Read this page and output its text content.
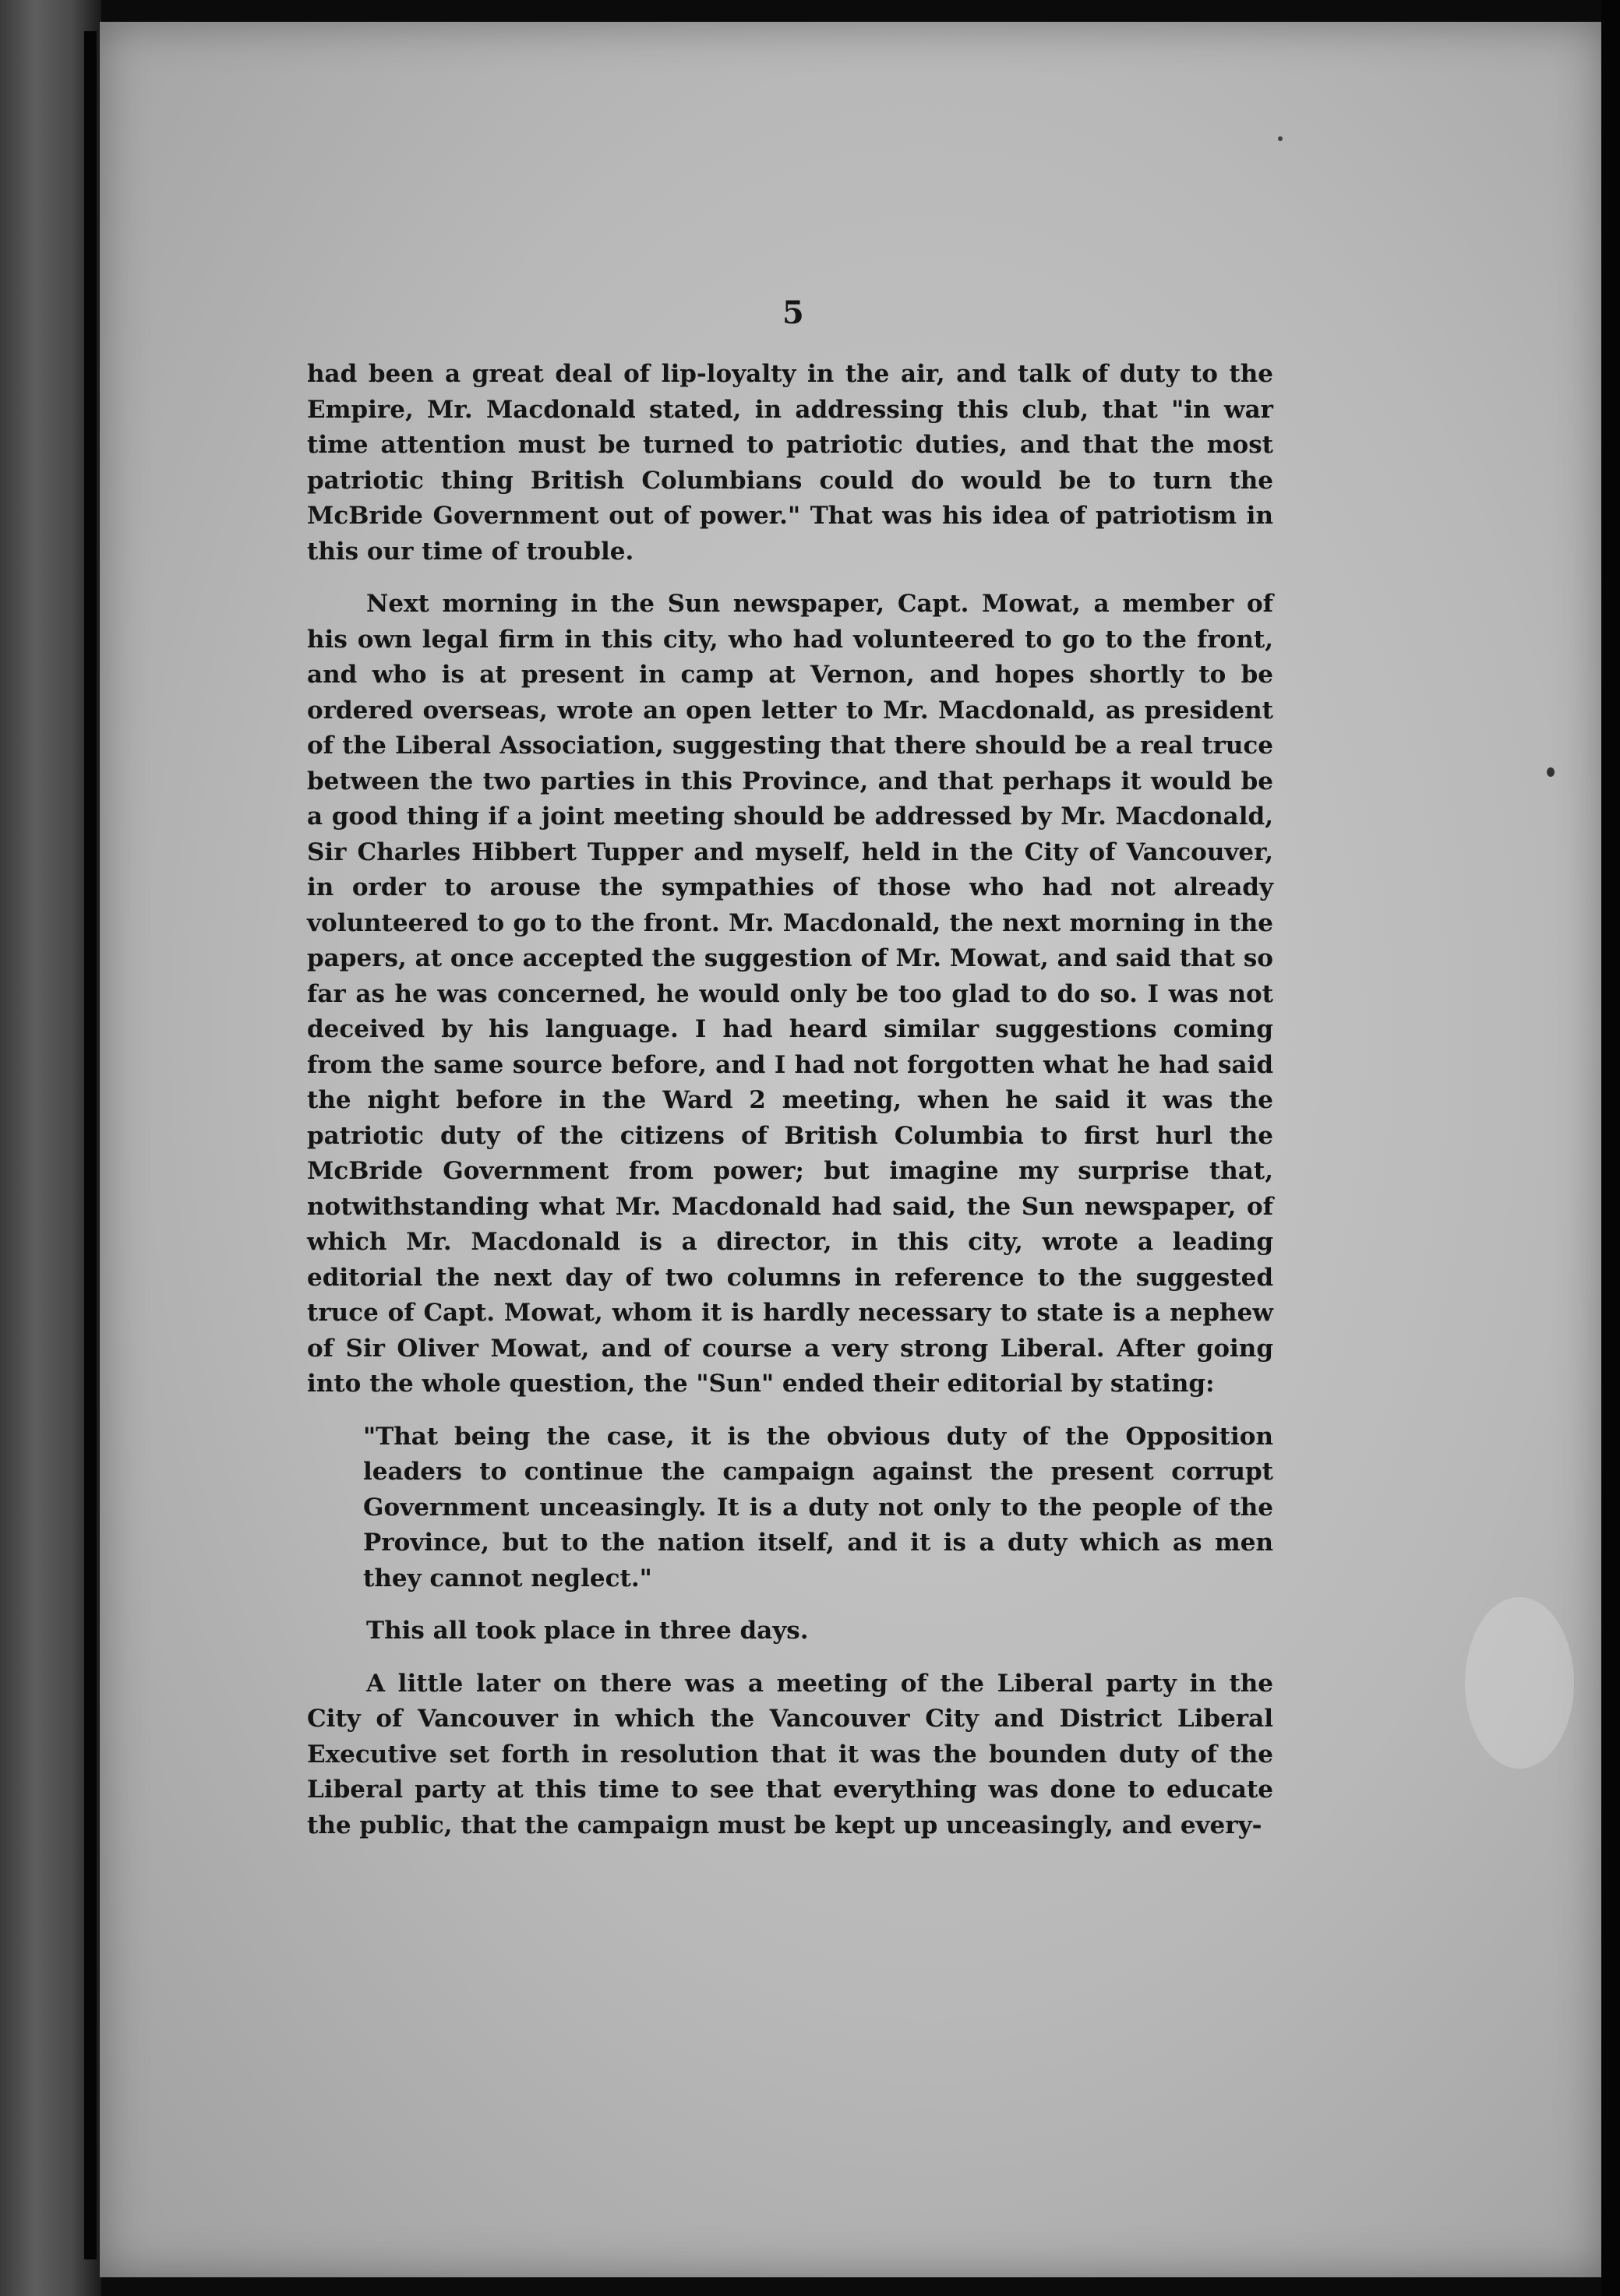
5

had been a great deal of lip-loyalty in the air, and talk of duty to the Empire, Mr. Macdonald stated, in addressing this club, that "in war time attention must be turned to patriotic duties, and that the most patriotic thing British Columbians could do would be to turn the McBride Government out of power." That was his idea of patriotism in this our time of trouble.

Next morning in the Sun newspaper, Capt. Mowat, a member of his own legal firm in this city, who had volunteered to go to the front, and who is at present in camp at Vernon, and hopes shortly to be ordered overseas, wrote an open letter to Mr. Macdonald, as president of the Liberal Association, suggesting that there should be a real truce between the two parties in this Province, and that perhaps it would be a good thing if a joint meeting should be addressed by Mr. Macdonald, Sir Charles Hibbert Tupper and myself, held in the City of Vancouver, in order to arouse the sympathies of those who had not already volunteered to go to the front. Mr. Macdonald, the next morning in the papers, at once accepted the suggestion of Mr. Mowat, and said that so far as he was concerned, he would only be too glad to do so. I was not deceived by his language. I had heard similar suggestions coming from the same source before, and I had not forgotten what he had said the night before in the Ward 2 meeting, when he said it was the patriotic duty of the citizens of British Columbia to first hurl the McBride Government from power; but imagine my surprise that, notwithstanding what Mr. Macdonald had said, the Sun newspaper, of which Mr. Macdonald is a director, in this city, wrote a leading editorial the next day of two columns in reference to the suggested truce of Capt. Mowat, whom it is hardly necessary to state is a nephew of Sir Oliver Mowat, and of course a very strong Liberal. After going into the whole question, the "Sun" ended their editorial by stating:

"That being the case, it is the obvious duty of the Opposition leaders to continue the campaign against the present corrupt Government unceasingly. It is a duty not only to the people of the Province, but to the nation itself, and it is a duty which as men they cannot neglect."

This all took place in three days.

A little later on there was a meeting of the Liberal party in the City of Vancouver in which the Vancouver City and District Liberal Executive set forth in resolution that it was the bounden duty of the Liberal party at this time to see that everything was done to educate the public, that the campaign must be kept up unceasingly, and every-
